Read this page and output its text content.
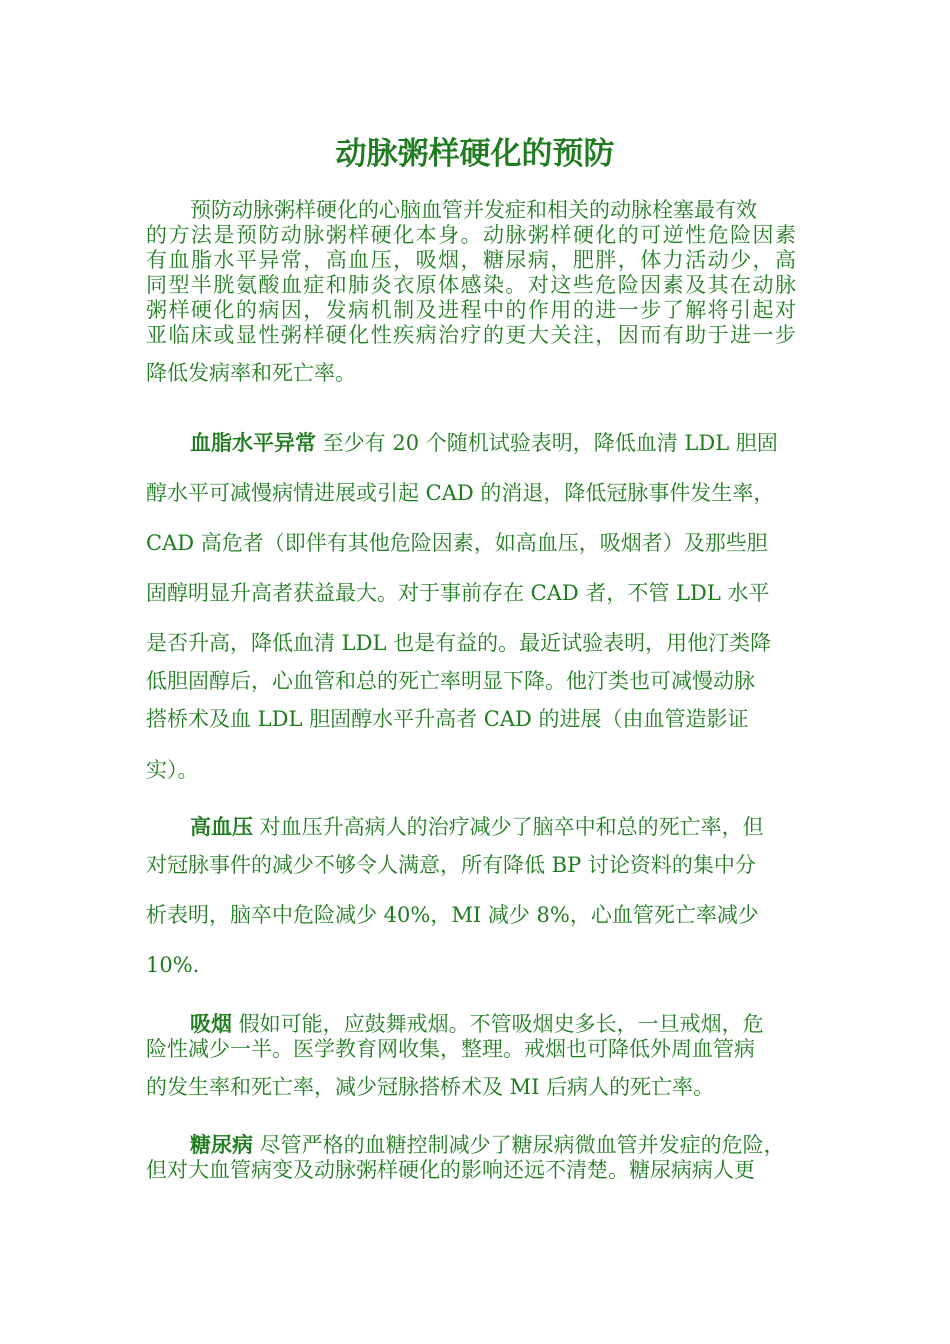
动脉粥样硬化的预防
预防动脉粥样硬化的心脑血管并发症和相关的动脉栓塞最有效
的方法是预防动脉粥样硬化本身。动脉粥样硬化的可逆性危险因素
有血脂水平异常，高血压，吸烟，糖尿病，肥胖，体力活动少，高
同型半胱氨酸血症和肺炎衣原体感染。对这些危险因素及其在动脉
粥样硬化的病因，发病机制及进程中的作用的进一步了解将引起对
亚临床或显性粥样硬化性疾病治疗的更大关注，因而有助于进一步
降低发病率和死亡率。
血脂水平异常 至少有 20 个随机试验表明，降低血清 LDL 胆固
醇水平可减慢病情进展或引起 CAD 的消退，降低冠脉事件发生率，
CAD 高危者（即伴有其他危险因素，如高血压，吸烟者）及那些胆
固醇明显升高者获益最大。对于事前存在 CAD 者，不管 LDL 水平
是否升高，降低血清 LDL 也是有益的。最近试验表明，用他汀类降
低胆固醇后，心血管和总的死亡率明显下降。他汀类也可减慢动脉
搭桥术及血 LDL 胆固醇水平升高者 CAD 的进展（由血管造影证
实）。
高血压 对血压升高病人的治疗减少了脑卒中和总的死亡率，但
对冠脉事件的减少不够令人满意，所有降低 BP 讨论资料的集中分
析表明，脑卒中危险减少 40%，MI 减少 8%，心血管死亡率减少
10%.
吸烟 假如可能，应鼓舞戒烟。不管吸烟史多长，一旦戒烟，危
险性减少一半。医学教育网收集，整理。戒烟也可降低外周血管病
的发生率和死亡率，减少冠脉搭桥术及 MI 后病人的死亡率。
糖尿病 尽管严格的血糖控制减少了糖尿病微血管并发症的危险，
但对大血管病变及动脉粥样硬化的影响还远不清楚。糖尿病病人更
